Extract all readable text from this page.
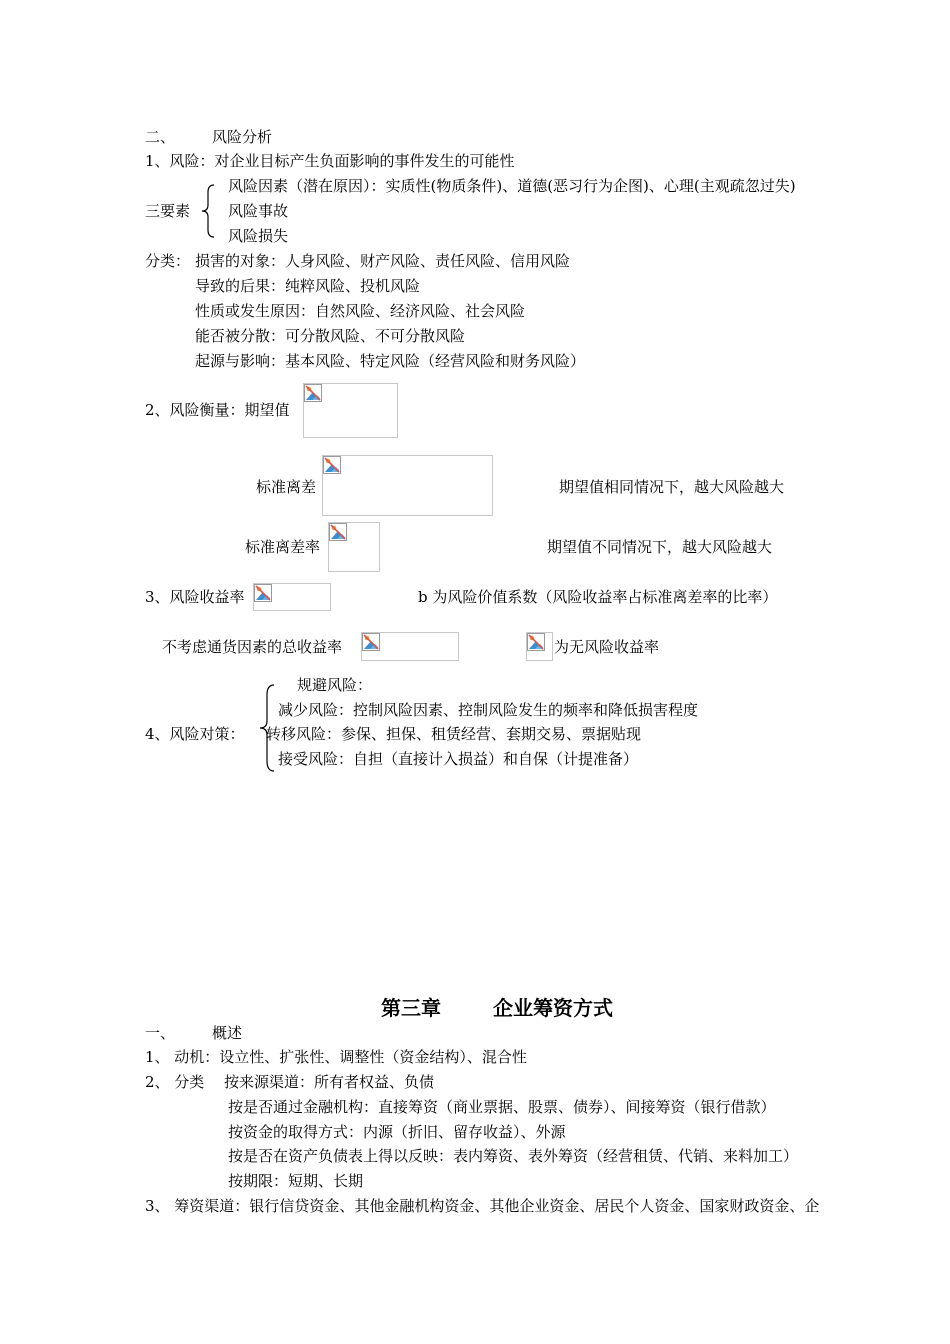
二、 风险分析
1、风险：对企业目标产生负面影响的事件发生的可能性
三要素
风险因素（潜在原因）：实质性(物质条件)、道德(恶习行为企图)、心理(主观疏忽过失)
风险事故
风险损失
分类： 损害的对象：人身风险、财产风险、责任风险、信用风险
导致的后果：纯粹风险、投机风险
性质或发生原因：自然风险、经济风险、社会风险
能否被分散：可分散风险、不可分散风险
起源与影响：基本风险、特定风险（经营风险和财务风险）
2、风险衡量：期望值
标准离差	期望值相同情况下，越大风险越大
标准离差率	期望值不同情况下，越大风险越大
3、风险收益率	b 为风险价值系数（风险收益率占标准离差率的比率）
不考虑通货因素的总收益率	为无风险收益率
4、风险对策：
规避风险：
减少风险：控制风险因素、控制风险发生的频率和降低损害程度
转移风险：参保、担保、租赁经营、套期交易、票据贴现
接受风险：自担（直接计入损益）和自保（计提准备）
第三章	企业筹资方式
一、 概述
1、 动机：设立性、扩张性、调整性（资金结构）、混合性
2、 分类 按来源渠道：所有者权益、负债
按是否通过金融机构：直接筹资（商业票据、股票、债券）、间接筹资（银行借款）
按资金的取得方式：内源（折旧、留存收益）、外源
按是否在资产负债表上得以反映：表内筹资、表外筹资（经营租赁、代销、来料加工）
按期限：短期、长期
3、 筹资渠道：银行信贷资金、其他金融机构资金、其他企业资金、居民个人资金、国家财政资金、企
